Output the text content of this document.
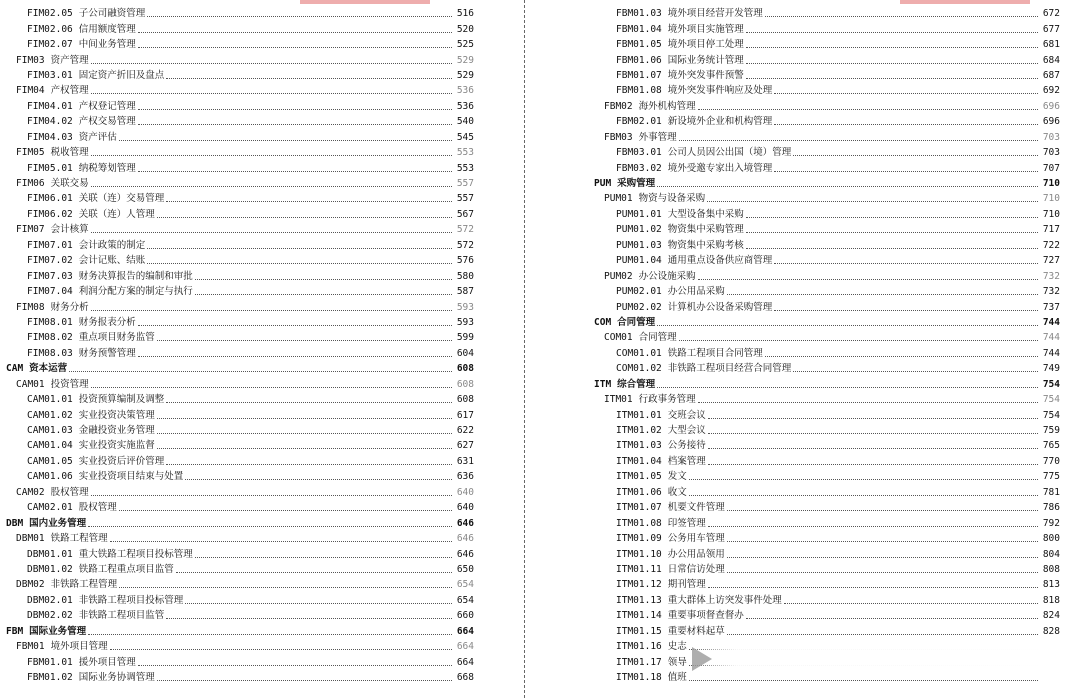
FIM02.05 子公司融资管理	516
FIM02.06 信用额度管理	520
FIM02.07 中间业务管理	525
FIM03 资产管理	529
FIM03.01 固定资产折旧及盘点	529
FIM04 产权管理	536
FIM04.01 产权登记管理	536
FIM04.02 产权交易管理	540
FIM04.03 资产评估	545
FIM05 税收管理	553
FIM05.01 纳税筹划管理	553
FIM06 关联交易	557
FIM06.01 关联（连）交易管理	557
FIM06.02 关联（连）人管理	567
FIM07 会计核算	572
FIM07.01 会计政策的制定	572
FIM07.02 会计记账、结账	576
FIM07.03 财务决算报告的编制和审批	580
FIM07.04 利润分配方案的制定与执行	587
FIM08 财务分析	593
FIM08.01 财务报表分析	593
FIM08.02 重点项目财务监管	599
FIM08.03 财务预警管理	604
CAM 资本运营	608
CAM01 投资管理	608
CAM01.01 投资预算编制及调整	608
CAM01.02 实业投资决策管理	617
CAM01.03 金融投资业务管理	622
CAM01.04 实业投资实施监督	627
CAM01.05 实业投资后评价管理	631
CAM01.06 实业投资项目结束与处置	636
CAM02 股权管理	640
CAM02.01 股权管理	640
DBM 国内业务管理	646
DBM01 铁路工程管理	646
DBM01.01 重大铁路工程项目投标管理	646
DBM01.02 铁路工程重点项目监管	650
DBM02 非铁路工程管理	654
DBM02.01 非铁路工程项目投标管理	654
DBM02.02 非铁路工程项目监管	660
FBM 国际业务管理	664
FBM01 境外项目管理	664
FBM01.01 援外项目管理	664
FBM01.02 国际业务协调管理	668
FBM01.03 境外项目经营开发管理	672
FBM01.04 境外项目实施管理	677
FBM01.05 境外项目停工处理	681
FBM01.06 国际业务统计管理	684
FBM01.07 境外突发事件预警	687
FBM01.08 境外突发事件响应及处理	692
FBM02 海外机构管理	696
FBM02.01 新设境外企业和机构管理	696
FBM03 外事管理	703
FBM03.01 公司人员因公出国（境）管理	703
FBM03.02 境外受邀专家出入境管理	707
PUM 采购管理	710
PUM01 物资与设备采购	710
PUM01.01 大型设备集中采购	710
PUM01.02 物资集中采购管理	717
PUM01.03 物资集中采购考核	722
PUM01.04 通用重点设备供应商管理	727
PUM02 办公设施采购	732
PUM02.01 办公用品采购	732
PUM02.02 计算机办公设备采购管理	737
COM 合同管理	744
COM01 合同管理	744
COM01.01 铁路工程项目合同管理	744
COM01.02 非铁路工程项目经营合同管理	749
ITM 综合管理	754
ITM01 行政事务管理	754
ITM01.01 交班会议	754
ITM01.02 大型会议	759
ITM01.03 公务接待	765
ITM01.04 档案管理	770
ITM01.05 发文	775
ITM01.06 收文	781
ITM01.07 机要文件管理	786
ITM01.08 印签管理	792
ITM01.09 公务用车管理	800
ITM01.10 办公用品领用	804
ITM01.11 日常信访处理	808
ITM01.12 期刊管理	813
ITM01.13 重大群体上访突发事件处理	818
ITM01.14 重要事项督查督办	824
ITM01.15 重要材料起草	828
ITM01.16 史志
ITM01.17 领导
ITM01.18 值班
